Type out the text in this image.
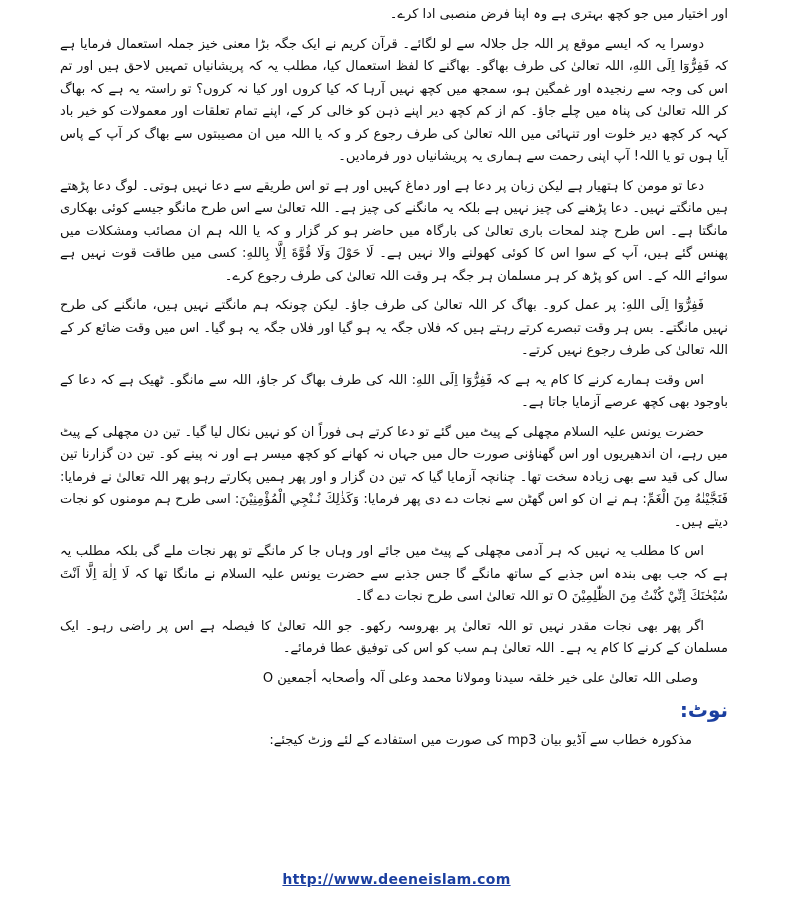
اور اختیار میں جو کچھ بہتری ہے وہ اپنا فرض منصبی ادا کرے۔

دوسرا یہ کہ ایسے موقع پر اللہ جل جلالہ سے لو لگائے۔ قرآن کریم نے ایک جگہ بڑا معنی خیز جملہ استعمال فرمایا ہے کہ فَفِرُّوٓا اِلَى اللهِ، اللہ تعالیٰ کی طرف بھاگو۔ بھاگنے کا لفظ استعمال کیا، مطلب یہ کہ پریشانیاں تمہیں لاحق ہیں اور تم اس کی وجہ سے رنجیدہ اور غمگین ہو، سمجھ میں کچھ نہیں آرہا کہ کیا کروں اور کیا نہ کروں؟ تو راستہ یہ ہے کہ بھاگ کر اللہ تعالیٰ کی پناہ میں چلے جاؤ۔ کم از کم کچھ دیر اپنے ذہن کو خالی کر کے، اپنے تمام تعلقات اور معمولات کو خیر باد کہہ کر کچھ دیر خلوت اور تنہائی میں اللہ تعالیٰ کی طرف رجوع کر و کہ یا اللہ میں ان مصیبتوں سے بھاگ کر آپ کے پاس آیا ہوں تو یا اللہ! آپ اپنی رحمت سے ہماری یہ پریشانیاں دور فرمادیں۔

دعا تو مومن کا ہتھیار ہے لیکن زبان پر دعا ہے اور دماغ کہیں اور ہے تو اس طریقے سے دعا نہیں ہوتی۔ لوگ دعا پڑھتے ہیں مانگتے نہیں۔ دعا پڑھنے کی چیز نہیں ہے بلکہ یہ مانگنے کی چیز ہے۔ اللہ تعالیٰ سے اس طرح مانگو جیسے کوئی بھکاری مانگتا ہے۔ اس طرح چند لمحات باری تعالیٰ کی بارگاہ میں حاضر ہو کر گزار و کہ یا اللہ ہم ان مصائب ومشکلات میں پھنس گئے ہیں، آپ کے سوا اس کا کوئی کھولنے والا نہیں ہے۔ لَا حَوْلَ وَلَا قُوَّةَ اِلَّا بِاللهِ: کسی میں طاقت قوت نہیں ہے سوائے اللہ کے۔ اس کو پڑھ کر ہر مسلمان ہر جگہ ہر وقت اللہ تعالیٰ کی طرف رجوع کرے۔

فَفِرُّوٓا اِلَى اللهِ: پر عمل کرو۔ بھاگ کر اللہ تعالیٰ کی طرف جاؤ۔ لیکن چونکہ ہم مانگتے نہیں ہیں، مانگنے کی طرح نہیں مانگتے۔ بس ہر وقت تبصرے کرتے رہتے ہیں کہ فلاں جگہ یہ ہو گیا اور فلاں جگہ یہ ہو گیا۔ اس میں وقت ضائع کر کے اللہ تعالیٰ کی طرف رجوع نہیں کرتے۔

اس وقت ہمارے کرنے کا کام یہ ہے کہ فَفِرُّوٓا اِلَى اللهِ: اللہ کی طرف بھاگ کر جاؤ، اللہ سے مانگو۔ ٹھیک ہے کہ دعا کے باوجود بھی کچھ عرصے آزمایا جاتا ہے۔

حضرت یونس علیہ السلام مچھلی کے پیٹ میں گئے تو دعا کرتے ہی فوراً ان کو نہیں نکال لیا گیا۔ تین دن مچھلی کے پیٹ میں رہے، ان اندھیریوں اور اس گھناؤنی صورت حال میں جہاں نہ کھانے کو کچھ میسر ہے اور نہ پینے کو۔ تین دن گزارنا تین سال کی قید سے بھی زیادہ سخت تھا۔ چنانچہ آزمایا گیا کہ تین دن گزار و اور پھر ہمیں پکارتے رہو پھر اللہ تعالیٰ نے فرمایا: فَنَجَّيْنٰهُ مِنَ الْغَمِّ: ہم نے ان کو اس گھٹن سے نجات دے دی پھر فرمایا: وَكَذٰلِكَ نُـنْجِي الْمُؤْمِنِيْنَ: اسی طرح ہم مومنوں کو نجات دیتے ہیں۔

اس کا مطلب یہ نہیں کہ ہر آدمی مچھلی کے پیٹ میں جائے اور وہاں جا کر مانگے تو پھر نجات ملے گی بلکہ مطلب یہ ہے کہ جب بھی بندہ اس جذبے کے ساتھ مانگے گا جس جذبے سے حضرت یونس علیہ السلام نے مانگا تھا کہ لَا اِلٰهَ اِلَّا اَنْتَ سُبْحٰنَكَ اِنِّيْ كُنْتُ مِنَ الظّٰلِمِيْنَ O تو اللہ تعالیٰ اسی طرح نجات دے گا۔

اگر پھر بھی نجات مقدر نہیں تو اللہ تعالیٰ پر بھروسہ رکھو۔ جو اللہ تعالیٰ کا فیصلہ ہے اس پر راضی رہو۔ ایک مسلمان کے کرنے کا کام یہ ہے۔ اللہ تعالیٰ ہم سب کو اس کی توفیق عطا فرمائے۔

وصلی اللہ تعالیٰ علی خیر خلقہ سیدنا ومولانا محمد وعلی آلہ وأصحابہ أجمعین O

نوٹ:

مذکورہ خطاب سے آڈیو بیان mp3 کی صورت میں استفادے کے لئے وزٹ کیجئے:

http://www.deeneislam.com
